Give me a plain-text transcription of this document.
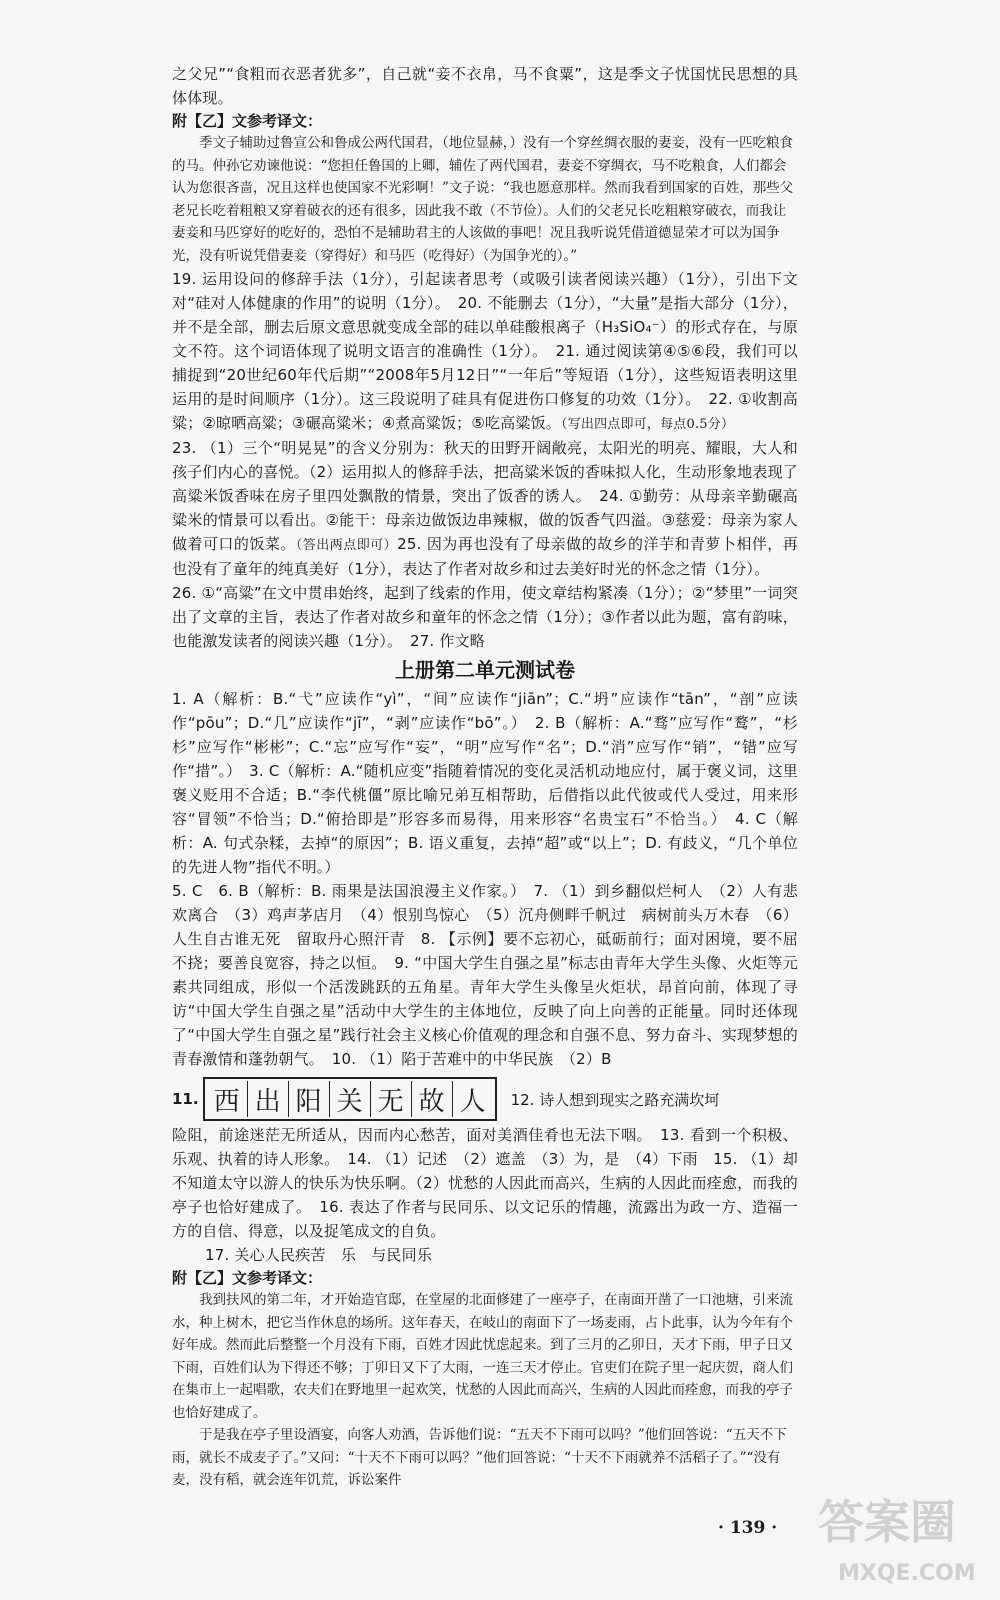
之父兄”“食粗而衣恶者犹多”，自己就“妾不衣帛，马不食粟”，这是季文子忧国忧民思想的具体体现。

附【乙】文参考译文：

季文子辅助过鲁宣公和鲁成公两代国君，（地位显赫，）没有一个穿丝绸衣服的妻妾，没有一匹吃粮食的马。仲孙它劝谏他说：“您担任鲁国的上卿，辅佐了两代国君，妻妾不穿绸衣，马不吃粮食，人们都会认为您很吝啬，况且这样也使国家不光彩啊！”文子说：“我也愿意那样。然而我看到国家的百姓，那些父老兄长吃着粗粮又穿着破衣的还有很多，因此我不敢（不节俭）。人们的父老兄长吃粗粮穿破衣，而我让妻妾和马匹穿好的吃好的，恐怕不是辅助君主的人该做的事吧！况且我听说凭借道德显荣才可以为国争光，没有听说凭借妻妾（穿得好）和马匹（吃得好）（为国争光的）。”

19. 运用设问的修辞手法（1分），引起读者思考（或吸引读者阅读兴趣）（1分），引出下文对“硅对人体健康的作用”的说明（1分）。　20. 不能删去（1分），“大量”是指大部分（1分），并不是全部，删去后原文意思就变成全部的硅以单硅酸根离子（H₃SiO₄⁻）的形式存在，与原文不符。这个词语体现了说明文语言的准确性（1分）。　21. 通过阅读第④⑤⑥段，我们可以捕捉到“20世纪60年代后期”“2008年5月12日”“一年后”等短语（1分），这些短语表明这里运用的是时间顺序（1分）。这三段说明了硅具有促进伤口修复的功效（1分）。　22. ①收割高粱；②晾晒高粱；③碾高粱米；④煮高粱饭；⑤吃高粱饭。（写出四点即可，每点0.5分）

23. （1）三个“明晃晃”的含义分别为：秋天的田野开阔敞亮，太阳光的明亮、耀眼，大人和孩子们内心的喜悦。（2）运用拟人的修辞手法，把高粱米饭的香味拟人化，生动形象地表现了高粱米饭香味在房子里四处飘散的情景，突出了饭香的诱人。　24. ①勤劳：从母亲辛勤碾高粱米的情景可以看出。②能干：母亲边做饭边串辣椒，做的饭香气四溢。③慈爱：母亲为家人做着可口的饭菜。（答出两点即可）25. 因为再也没有了母亲做的故乡的洋芋和青萝卜相伴，再也没有了童年的纯真美好（1分），表达了作者对故乡和过去美好时光的怀念之情（1分）。

26. ①“高粱”在文中贯串始终，起到了线索的作用，使文章结构紧凑（1分）；②“梦里”一词突出了文章的主旨，表达了作者对故乡和童年的怀念之情（1分）；③作者以此为题，富有韵味，也能激发读者的阅读兴趣（1分）。　27. 作文略

上册第二单元测试卷

1. A（解析：B.“弋”应读作“yì”，“间”应读作“jiān”；C.“坍”应读作“tān”，“剖”应读作“pōu”；D.“几”应读作“jī”，“剥”应读作“bō”。）　2. B（解析：A.“骛”应写作“鹜”，“杉杉”应写作“彬彬”；C.“忘”应写作“妄”，“明”应写作“名”；D.“消”应写作“销”，“错”应写作“措”。）　3. C（解析：A.“随机应变”指随着情况的变化灵活机动地应付，属于褒义词，这里褒义贬用不合适；B.“李代桃僵”原比喻兄弟互相帮助，后借指以此代彼或代人受过，用来形容“冒领”不恰当；D.“俯拾即是”形容多而易得，用来形容“名贵宝石”不恰当。）　4. C（解析：A. 句式杂糅，去掉“的原因”；B. 语义重复，去掉“超”或“以上”；D. 有歧义，“几个单位的先进人物”指代不明。）

5. C　6. B（解析：B. 雨果是法国浪漫主义作家。）　7. （1）到乡翻似烂柯人　（2）人有悲欢离合　（3）鸡声茅店月　（4）恨别鸟惊心　（5）沉舟侧畔千帆过　病树前头万木春　（6）人生自古谁无死　留取丹心照汗青　8. 【示例】要不忘初心，砥砺前行；面对困境，要不屈不挠；要善良宽容，持之以恒。　9. “中国大学生自强之星”标志由青年大学生头像、火炬等元素共同组成，形似一个活泼跳跃的五角星。青年大学生头像呈火炬状，昂首向前，体现了寻访“中国大学生自强之星”活动中大学生的主体地位，反映了向上向善的正能量。同时还体现了“中国大学生自强之星”践行社会主义核心价值观的理念和自强不息、努力奋斗、实现梦想的青春激情和蓬勃朝气。　10. （1）陷于苦难中的中华民族　（2）B

11. 西 出 阳 关 无 故 人	12. 诗人想到现实之路充满坎坷

险阻，前途迷茫无所适从，因而内心愁苦，面对美酒佳肴也无法下咽。　13. 看到一个积极、乐观、执着的诗人形象。　14. （1）记述　（2）遮盖　（3）为，是　（4）下雨　15. （1）却不知道太守以游人的快乐为快乐啊。（2）忧愁的人因此而高兴，生病的人因此而痊愈，而我的亭子也恰好建成了。　16. 表达了作者与民同乐、以文记乐的情趣，流露出为政一方、造福一方的自信、得意，以及捉笔成文的自负。

17. 关心人民疾苦　乐　与民同乐

附【乙】文参考译文：

我到扶风的第二年，才开始造官邸，在堂屋的北面修建了一座亭子，在南面开凿了一口池塘，引来流水，种上树木，把它当作休息的场所。这年春天，在岐山的南面下了一场麦雨，占卜此事，认为今年有个好年成。然而此后整整一个月没有下雨，百姓才因此忧虑起来。到了三月的乙卯日，天才下雨，甲子日又下雨，百姓们认为下得还不够；丁卯日又下了大雨，一连三天才停止。官吏们在院子里一起庆贺，商人们在集市上一起唱歌，农夫们在野地里一起欢笑，忧愁的人因此而高兴，生病的人因此而痊愈，而我的亭子也恰好建成了。

于是我在亭子里设酒宴，向客人劝酒，告诉他们说：“五天不下雨可以吗？”他们回答说：“五天不下雨，就长不成麦子了。”又问：“十天不下雨可以吗？”他们回答说：“十天不下雨就养不活稻子了。”“没有麦，没有稻，就会连年饥荒，诉讼案件

· 139 · 答案圈
MXQE.COM
